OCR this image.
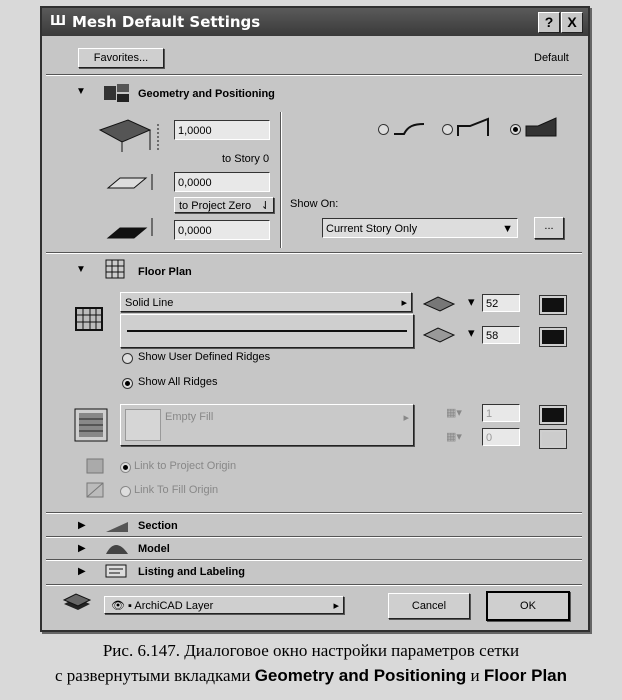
Ш Mesh Default Settings	?	X
Favorites...	Default
▼	Geometry and Positioning
1,0000
to Story 0
0,0000
to Project Zero ⇃
0,0000
Show On:
Current Story Only	▼	...
▼	Floor Plan
Solid Line	▸	▾	52
▾	58
Show User Defined Ridges
Show All Ridges
Empty Fill	▸	▦▾	1
▦▾	0
Link to Project Origin
Link To Fill Origin
▶	Section
▶	Model
▶	Listing and Labeling
👁 ▪ ArchiCAD Layer	▸	Cancel	OK
Рис. 6.147. Диалоговое окно настройки параметров сетки
с развернутыми вкладками Geometry and Positioning и Floor Plan
